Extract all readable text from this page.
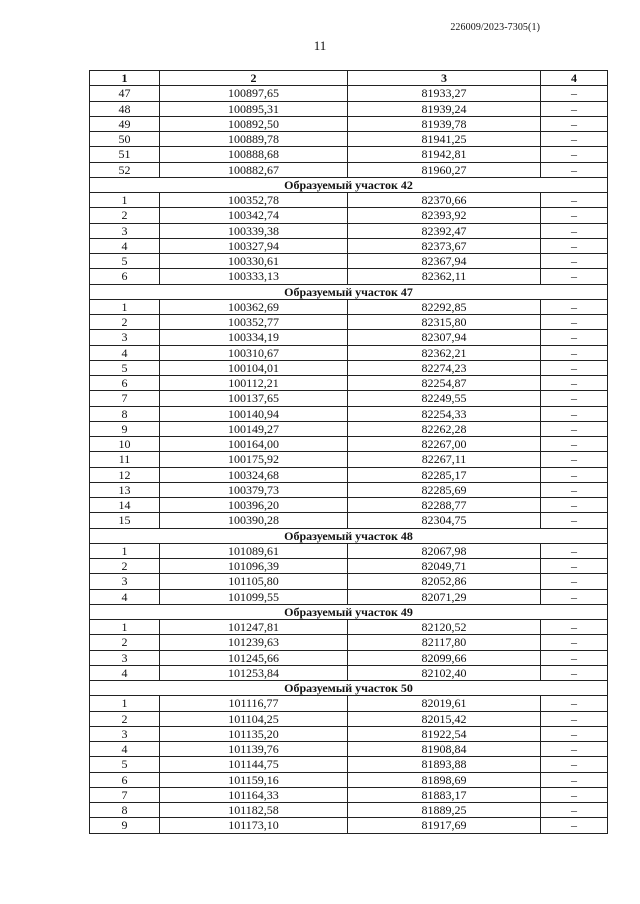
226009/2023-7305(1)
11
1	2	3	4
47	100897,65	81933,27	–
48	100895,31	81939,24	–
49	100892,50	81939,78	–
50	100889,78	81941,25	–
51	100888,68	81942,81	–
52	100882,67	81960,27	–
Образуемый участок 42			
1	100352,78	82370,66	–
2	100342,74	82393,92	–
3	100339,38	82392,47	–
4	100327,94	82373,67	–
5	100330,61	82367,94	–
6	100333,13	82362,11	–
Образуемый участок 47			
1	100362,69	82292,85	–
2	100352,77	82315,80	–
3	100334,19	82307,94	–
4	100310,67	82362,21	–
5	100104,01	82274,23	–
6	100112,21	82254,87	–
7	100137,65	82249,55	–
8	100140,94	82254,33	–
9	100149,27	82262,28	–
10	100164,00	82267,00	–
11	100175,92	82267,11	–
12	100324,68	82285,17	–
13	100379,73	82285,69	–
14	100396,20	82288,77	–
15	100390,28	82304,75	–
Образуемый участок 48			
1	101089,61	82067,98	–
2	101096,39	82049,71	–
3	101105,80	82052,86	–
4	101099,55	82071,29	–
Образуемый участок 49			
1	101247,81	82120,52	–
2	101239,63	82117,80	–
3	101245,66	82099,66	–
4	101253,84	82102,40	–
Образуемый участок 50			
1	101116,77	82019,61	–
2	101104,25	82015,42	–
3	101135,20	81922,54	–
4	101139,76	81908,84	–
5	101144,75	81893,88	–
6	101159,16	81898,69	–
7	101164,33	81883,17	–
8	101182,58	81889,25	–
9	101173,10	81917,69	–
